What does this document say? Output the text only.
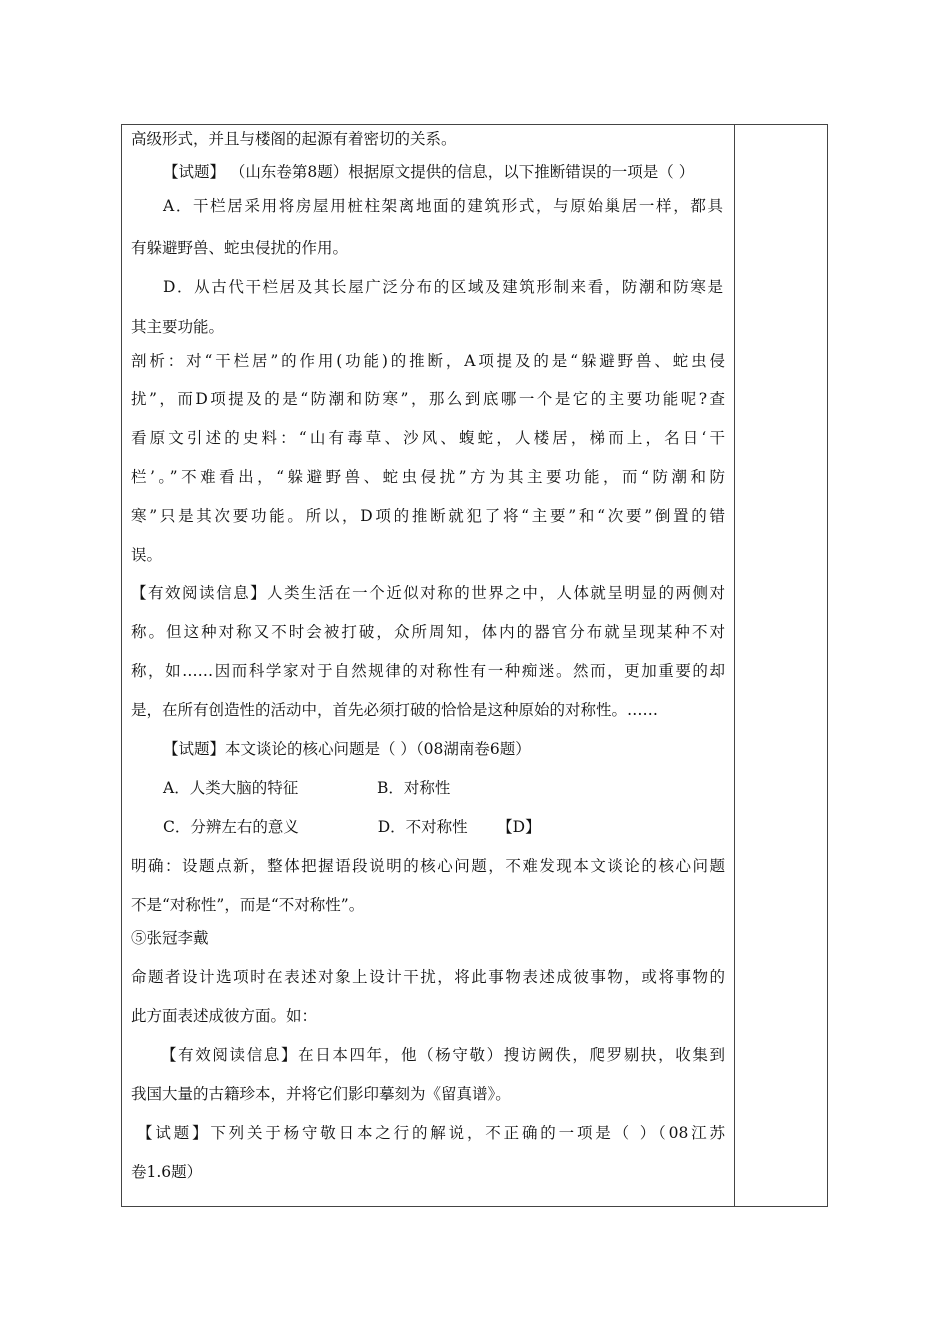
高级形式，并且与楼阁的起源有着密切的关系。
【试题】 （山东卷第8题）根据原文提供的信息，以下推断错误的一项是（ ）
A．干栏居采用将房屋用桩柱架离地面的建筑形式，与原始巢居一样，都具
有躲避野兽、蛇虫侵扰的作用。
D．从古代干栏居及其长屋广泛分布的区域及建筑形制来看，防潮和防寒是
其主要功能。
剖析：对“干栏居”的作用(功能)的推断，A项提及的是“躲避野兽、蛇虫侵
扰”，而D项提及的是“防潮和防寒”，那么到底哪一个是它的主要功能呢?查
看原文引述的史料：“山有毒草、沙风、蝮蛇，人楼居，梯而上，名日‘干
栏’。”不难看出，“躲避野兽、蛇虫侵扰”方为其主要功能，而“防潮和防
寒”只是其次要功能。所以，D项的推断就犯了将“主要”和“次要”倒置的错
误。
【有效阅读信息】人类生活在一个近似对称的世界之中，人体就呈明显的两侧对
称。但这种对称又不时会被打破，众所周知，体内的器官分布就呈现某种不对
称，如……因而科学家对于自然规律的对称性有一种痴迷。然而，更加重要的却
是，在所有创造性的活动中，首先必须打破的恰恰是这种原始的对称性。……
【试题】本文谈论的核心问题是（ ）（08湖南卷6题）
A．人类大脑的特征                B．对称性
C．分辨左右的意义                D．不对称性      【D】
明确：设题点新，整体把握语段说明的核心问题，不难发现本文谈论的核心问题
不是“对称性”，而是“不对称性”。
⑤张冠李戴
命题者设计选项时在表述对象上设计干扰，将此事物表述成彼事物，或将事物的
此方面表述成彼方面。如：
【有效阅读信息】在日本四年，他（杨守敬）搜访阙佚，爬罗剔抉，收集到
我国大量的古籍珍本，并将它们影印摹刻为《留真谱》。
【试题】下列关于杨守敬日本之行的解说，不正确的一项是（ ）（08江苏
卷1.6题）
